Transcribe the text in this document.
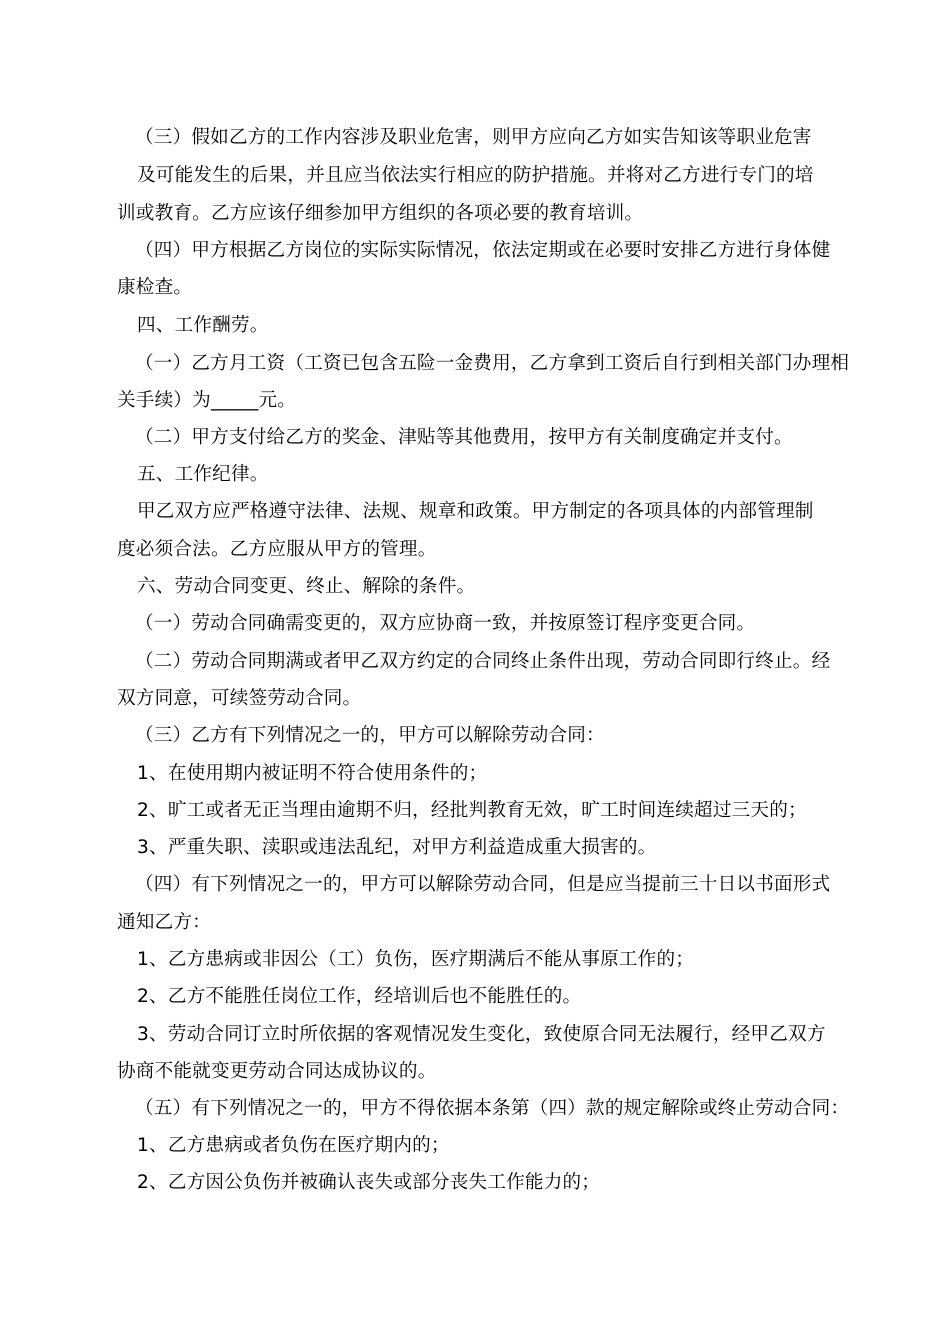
（三）假如乙方的工作内容涉及职业危害，则甲方应向乙方如实告知该等职业危害
及可能发生的后果，并且应当依法实行相应的防护措施。并将对乙方进行专门的培
训或教育。乙方应该仔细参加甲方组织的各项必要的教育培训。
（四）甲方根据乙方岗位的实际实际情况，依法定期或在必要时安排乙方进行身体健
康检查。
四、工作酬劳。
（一）乙方月工资（工资已包含五险一金费用，乙方拿到工资后自行到相关部门办理相
关手续）为_____元。
（二）甲方支付给乙方的奖金、津贴等其他费用，按甲方有关制度确定并支付。
五、工作纪律。
甲乙双方应严格遵守法律、法规、规章和政策。甲方制定的各项具体的内部管理制
度必须合法。乙方应服从甲方的管理。
六、劳动合同变更、终止、解除的条件。
（一）劳动合同确需变更的，双方应协商一致，并按原签订程序变更合同。
（二）劳动合同期满或者甲乙双方约定的合同终止条件出现，劳动合同即行终止。经
双方同意，可续签劳动合同。
（三）乙方有下列情况之一的，甲方可以解除劳动合同：
1、在使用期内被证明不符合使用条件的；
2、旷工或者无正当理由逾期不归，经批判教育无效，旷工时间连续超过三天的；
3、严重失职、渎职或违法乱纪，对甲方利益造成重大损害的。
（四）有下列情况之一的，甲方可以解除劳动合同，但是应当提前三十日以书面形式
通知乙方：
1、乙方患病或非因公（工）负伤，医疗期满后不能从事原工作的；
2、乙方不能胜任岗位工作，经培训后也不能胜任的。
3、劳动合同订立时所依据的客观情况发生变化，致使原合同无法履行，经甲乙双方
协商不能就变更劳动合同达成协议的。
（五）有下列情况之一的，甲方不得依据本条第（四）款的规定解除或终止劳动合同：
1、乙方患病或者负伤在医疗期内的；
2、乙方因公负伤并被确认丧失或部分丧失工作能力的；
